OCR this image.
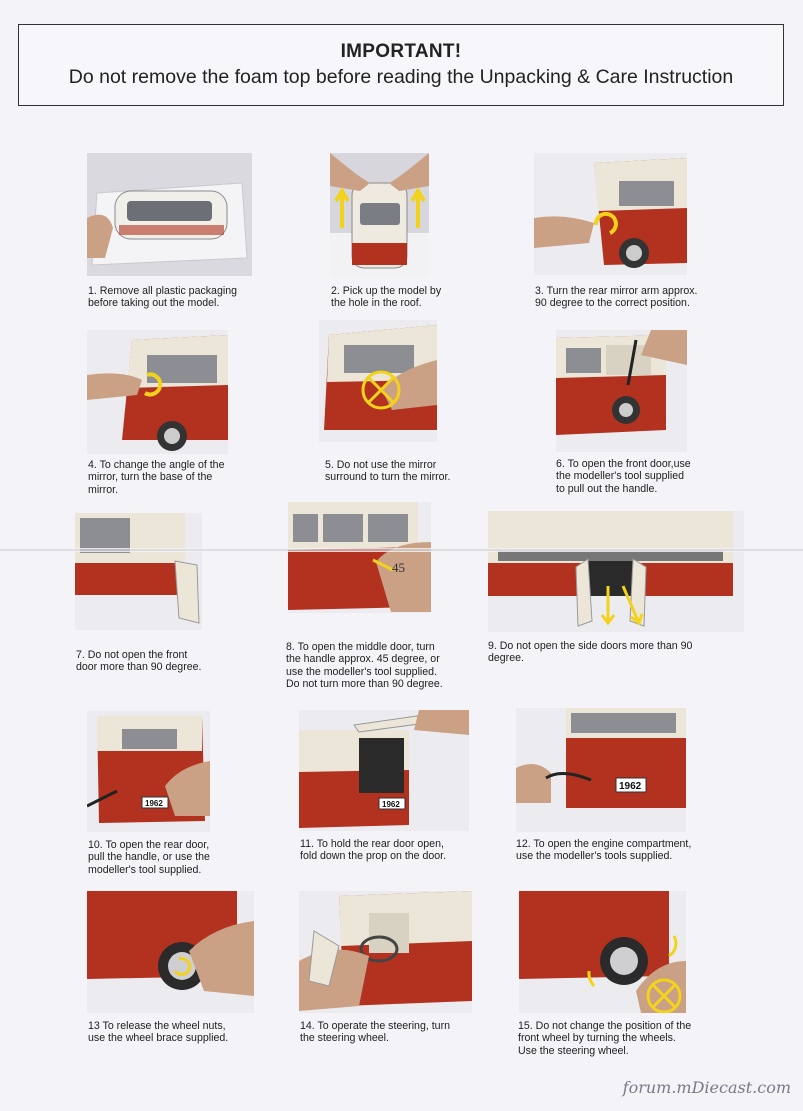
IMPORTANT!
Do not remove the foam top before reading the Unpacking & Care Instruction
1. Remove all plastic packaging
before taking out the model.
2. Pick up the model by
the hole in the roof.
3. Turn the rear mirror arm approx.
90 degree to the correct position.
4. To change the angle of the
mirror, turn the base of the
mirror.
5. Do not use the mirror
surround to turn the mirror.
6. To open the front door,use
the modeller's tool supplied
to pull out the handle.
7. Do not open the front
door more than 90 degree.
45
8. To open the middle door, turn
the handle approx. 45 degree, or
use the modeller's tool supplied.
Do not turn more than 90 degree.
9. Do not open the side doors more than 90
degree.
1962
10. To open the rear door,
pull the handle, or use the
modeller's tool supplied.
1962
11. To hold the rear door open,
fold down the prop on the door.
1962
12. To open the engine compartment,
use the modeller's tools supplied.
13 To release the wheel nuts,
use the wheel brace supplied.
14. To operate the steering, turn
the steering wheel.
15. Do not change the position of the
front wheel by turning the wheels.
Use the steering wheel.
forum.mDiecast.com
